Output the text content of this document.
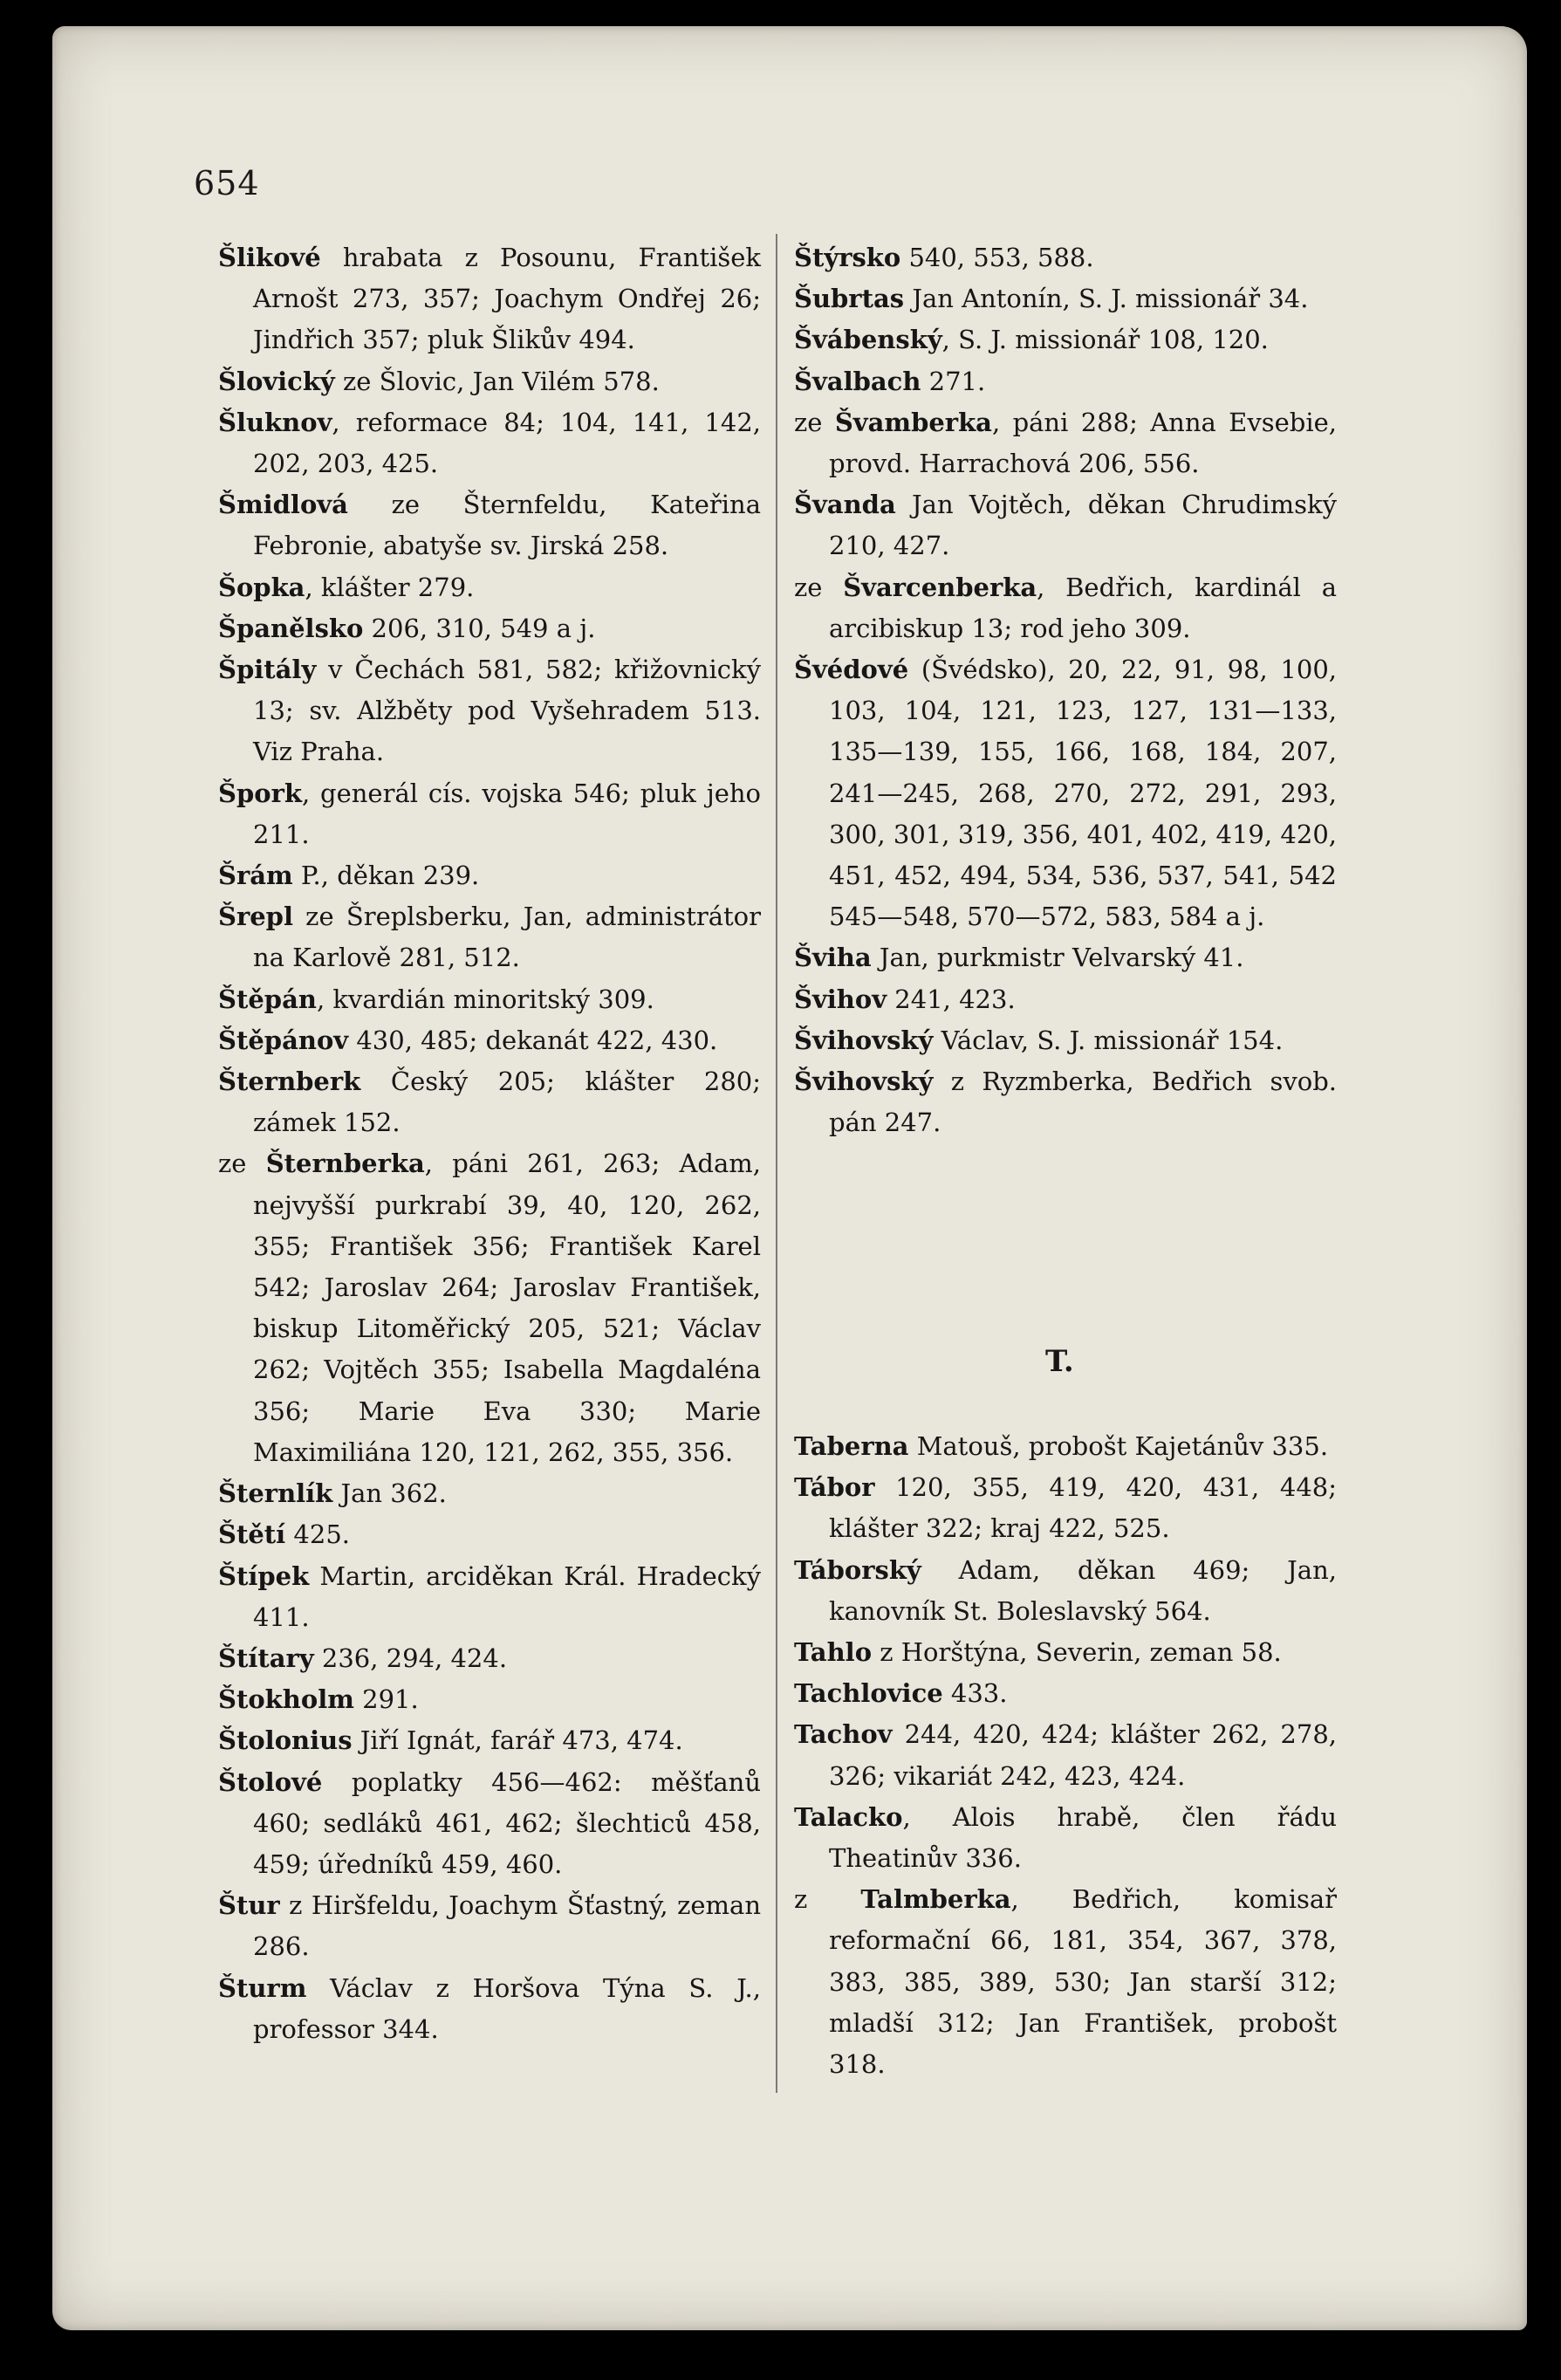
654

Šlikové hrabata z Posounu, František Arnošt 273, 357; Joachym Ondřej 26; Jindřich 357; pluk Šlikův 494.

Šlovický ze Šlovic, Jan Vilém 578.

Šluknov, reformace 84; 104, 141, 142, 202, 203, 425.

Šmidlová ze Šternfeldu, Kateřina Febronie, abatyše sv. Jirská 258.

Šopka, klášter 279.

Španělsko 206, 310, 549 a j.

Špitály v Čechách 581, 582; křižovnický 13; sv. Alžběty pod Vyšehradem 513. Viz Praha.

Špork, generál cís. vojska 546; pluk jeho 211.

Šrám P., děkan 239.

Šrepl ze Šreplsberku, Jan, administrátor na Karlově 281, 512.

Štěpán, kvardián minoritský 309.

Štěpánov 430, 485; dekanát 422, 430.

Šternberk Český 205; klášter 280; zámek 152.

ze Šternberka, páni 261, 263; Adam, nejvyšší purkrabí 39, 40, 120, 262, 355; František 356; František Karel 542; Jaroslav 264; Jaroslav František, biskup Litoměřický 205, 521; Václav 262; Vojtěch 355; Isabella Magdaléna 356; Marie Eva 330; Marie Maximiliána 120, 121, 262, 355, 356.

Šternlík Jan 362.

Štětí 425.

Štípek Martin, arciděkan Král. Hradecký 411.

Štítary 236, 294, 424.

Štokholm 291.

Štolonius Jiří Ignát, farář 473, 474.

Štolové poplatky 456—462: měšťanů 460; sedláků 461, 462; šlechticů 458, 459; úředníků 459, 460.

Štur z Hiršfeldu, Joachym Šťastný, zeman 286.

Šturm Václav z Horšova Týna S. J., professor 344.

Štýrsko 540, 553, 588.

Šubrtas Jan Antonín, S. J. missionář 34.

Švábenský, S. J. missionář 108, 120.

Švalbach 271.

ze Švamberka, páni 288; Anna Evsebie, provd. Harrachová 206, 556.

Švanda Jan Vojtěch, děkan Chrudimský 210, 427.

ze Švarcenberka, Bedřich, kardinál a arcibiskup 13; rod jeho 309.

Švédové (Švédsko), 20, 22, 91, 98, 100, 103, 104, 121, 123, 127, 131—133, 135—139, 155, 166, 168, 184, 207, 241—245, 268, 270, 272, 291, 293, 300, 301, 319, 356, 401, 402, 419, 420, 451, 452, 494, 534, 536, 537, 541, 542 545—548, 570—572, 583, 584 a j.

Šviha Jan, purkmistr Velvarský 41.

Švihov 241, 423.

Švihovský Václav, S. J. missionář 154.

Švihovský z Ryzmberka, Bedřich svob. pán 247.

T.

Taberna Matouš, probošt Kajetánův 335.

Tábor 120, 355, 419, 420, 431, 448; klášter 322; kraj 422, 525.

Táborský Adam, děkan 469; Jan, kanovník St. Boleslavský 564.

Tahlo z Horštýna, Severin, zeman 58.

Tachlovice 433.

Tachov 244, 420, 424; klášter 262, 278, 326; vikariát 242, 423, 424.

Talacko, Alois hrabě, člen řádu Theatinův 336.

z Talmberka, Bedřich, komisař reformační 66, 181, 354, 367, 378, 383, 385, 389, 530; Jan starší 312; mladší 312; Jan František, probošt 318.
